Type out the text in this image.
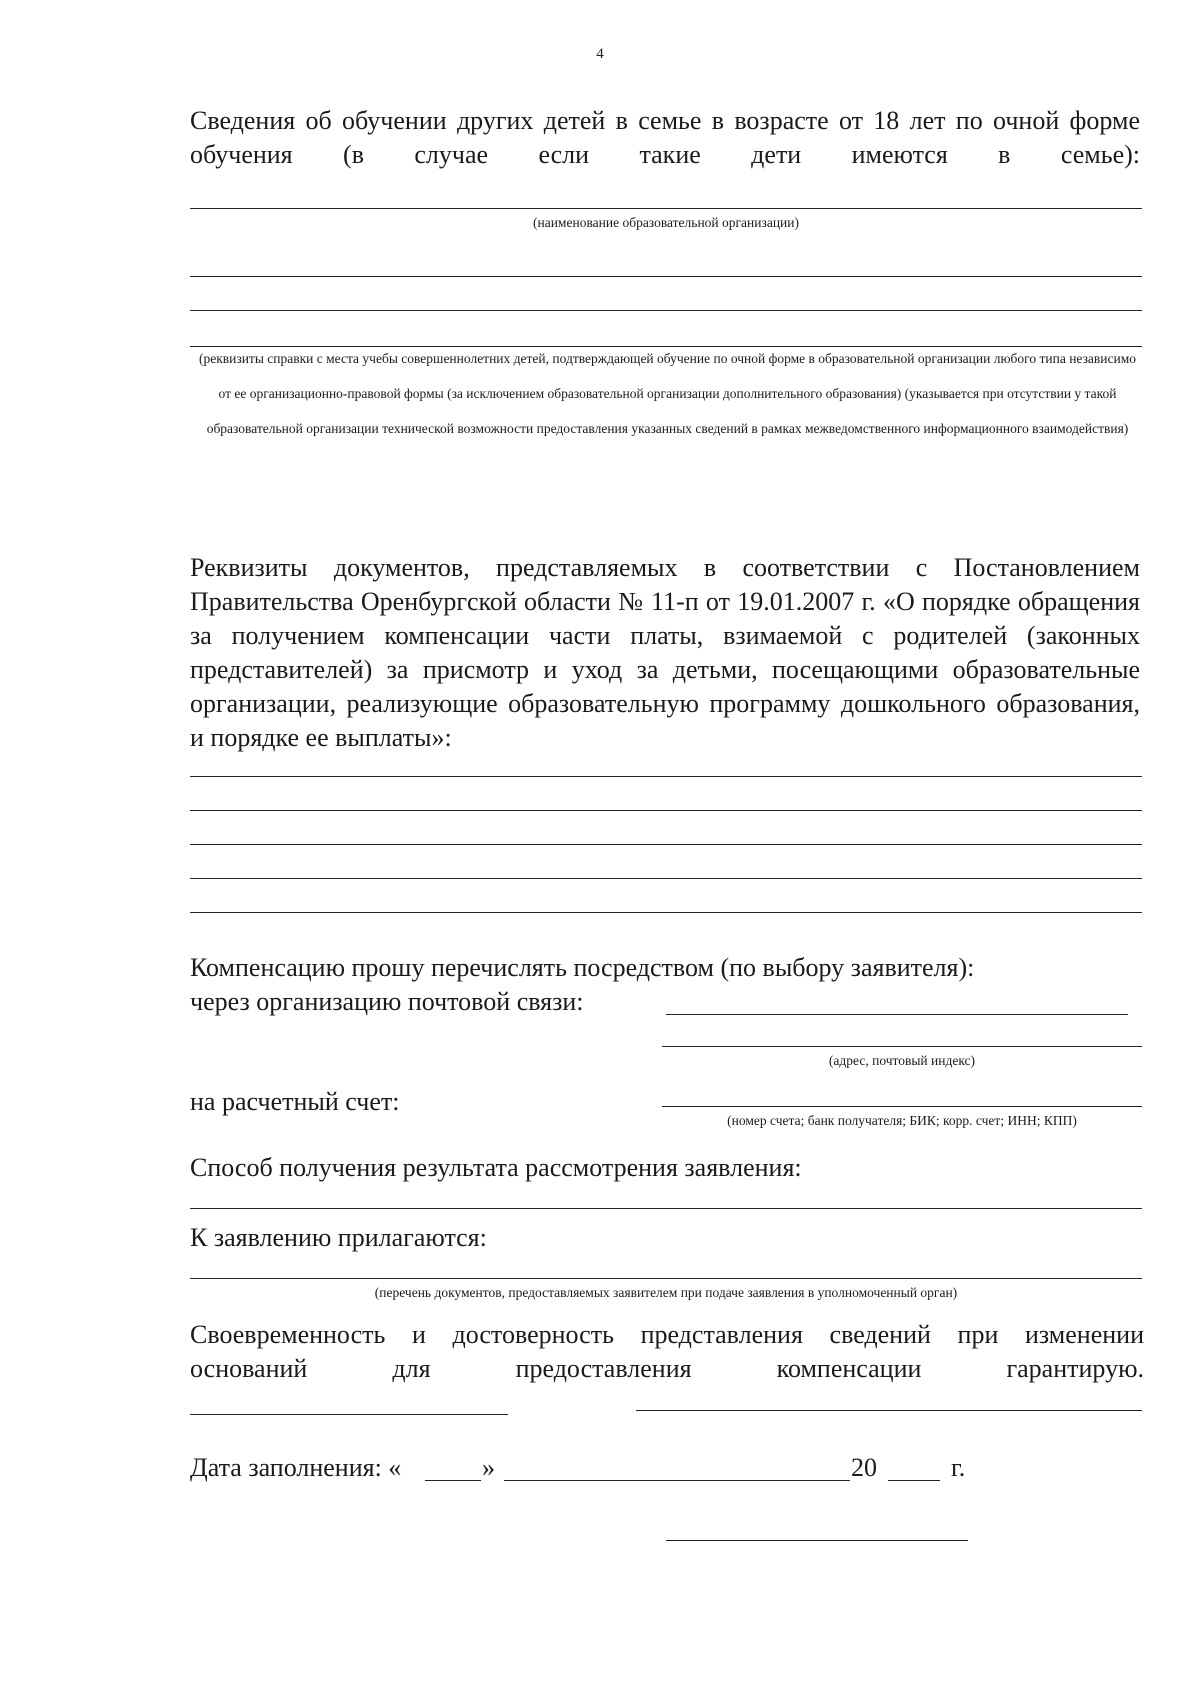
4
Сведения об обучении других детей в семье в возрасте от 18 лет по очной форме обучения (в случае если такие дети имеются в семье):
(наименование образовательной организации)
(реквизиты справки с места учебы совершеннолетних детей, подтверждающей обучение по очной форме в образовательной организации любого типа независимо от ее организационно-правовой формы (за исключением образовательной организации дополнительного образования) (указывается при отсутствии у такой образовательной организации технической возможности предоставления указанных сведений в рамках межведомственного информационного взаимодействия)
Реквизиты документов, представляемых в соответствии с Постановлением Правительства Оренбургской области № 11-п от 19.01.2007 г. «О порядке обращения за получением компенсации части платы, взимаемой с родителей (законных представителей) за присмотр и уход за детьми, посещающими образовательные организации, реализующие образовательную программу дошкольного образования, и порядке ее выплаты»:
Компенсацию прошу перечислять посредством (по выбору заявителя):
через организацию почтовой связи:
(адрес, почтовый индекс)
на расчетный счет:
(номер счета; банк получателя; БИК; корр. счет; ИНН; КПП)
Способ получения результата рассмотрения заявления:
К заявлению прилагаются:
(перечень документов, предоставляемых заявителем при подаче заявления в уполномоченный орган)
Своевременность и достоверность представления сведений при изменении оснований для предоставления компенсации гарантирую.
Дата заполнения: «	»	20	г.
